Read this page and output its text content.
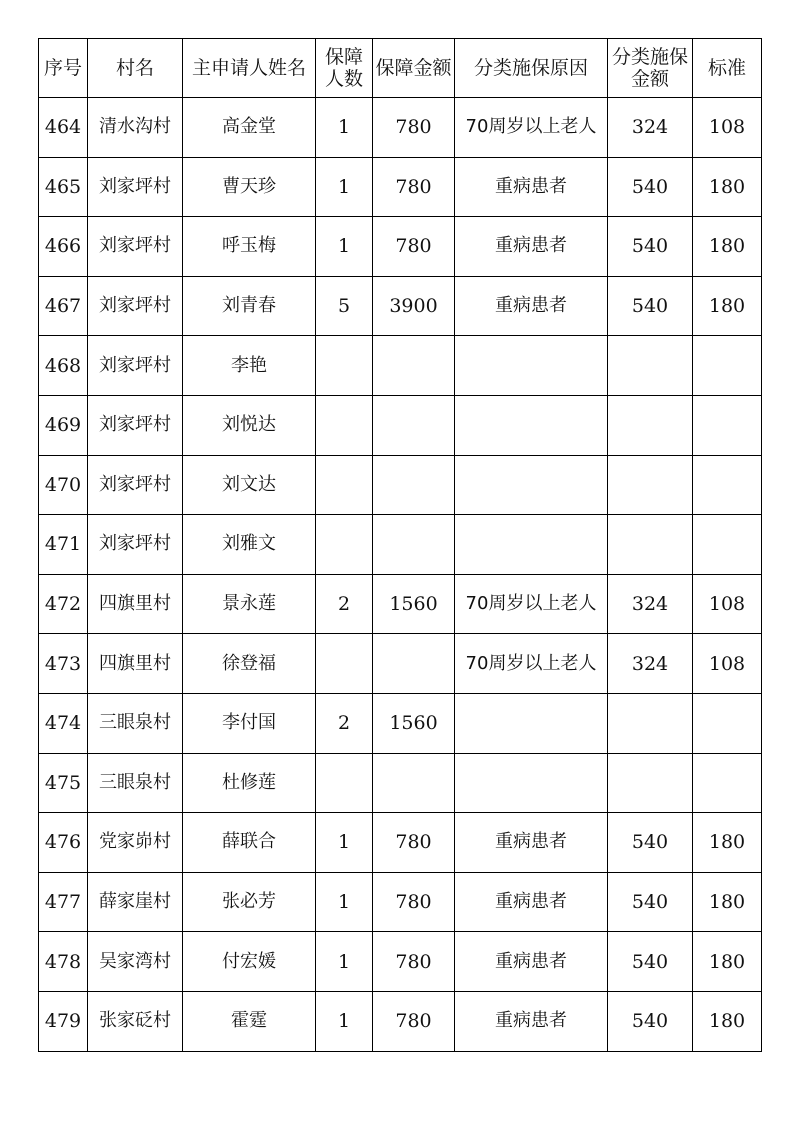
序号	村名	主申请人姓名	保障人数	保障金额	分类施保原因	分类施保金额	标准
464	清水沟村	高金堂	1	780	70周岁以上老人	324	108
465	刘家坪村	曹天珍	1	780	重病患者	540	180
466	刘家坪村	呼玉梅	1	780	重病患者	540	180
467	刘家坪村	刘青春	5	3900	重病患者	540	180
468	刘家坪村	李艳					
469	刘家坪村	刘悦达					
470	刘家坪村	刘文达					
471	刘家坪村	刘雅文					
472	四旗里村	景永莲	2	1560	70周岁以上老人	324	108
473	四旗里村	徐登福			70周岁以上老人	324	108
474	三眼泉村	李付国	2	1560			
475	三眼泉村	杜修莲					
476	党家峁村	薛联合	1	780	重病患者	540	180
477	薛家崖村	张必芳	1	780	重病患者	540	180
478	吴家湾村	付宏媛	1	780	重病患者	540	180
479	张家砭村	霍霆	1	780	重病患者	540	180
